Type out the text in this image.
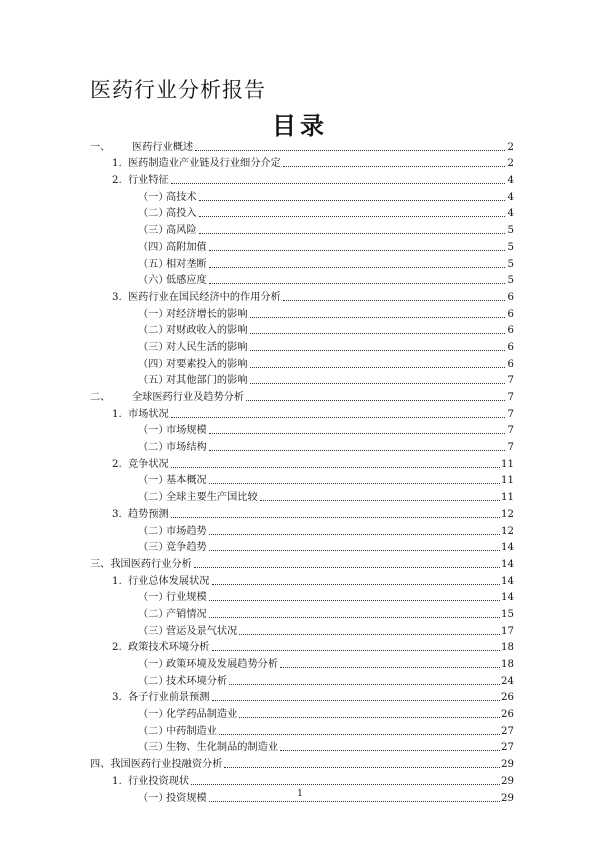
医药行业分析报告
目录
一、 医药行业概述	2
1. 医药制造业产业链及行业细分介定	2
2. 行业特征	4
（一）高技术	4
（二）高投入	4
（三）高风险	5
（四）高附加值	5
（五）相对垄断	5
（六）低感应度	5
3. 医药行业在国民经济中的作用分析	6
（一）对经济增长的影响	6
（二）对财政收入的影响	6
（三）对人民生活的影响	6
（四）对要素投入的影响	6
（五）对其他部门的影响	7
二、 全球医药行业及趋势分析	7
1. 市场状况	7
（一）市场规模	7
（二）市场结构	7
2. 竞争状况	11
（一）基本概况	11
（二）全球主要生产国比较	11
3. 趋势预测	12
（二）市场趋势	12
（三）竞争趋势	14
三、我国医药行业分析	14
1. 行业总体发展状况	14
（一）行业规模	14
（二）产销情况	15
（三）营运及景气状况	17
2. 政策技术环境分析	18
（一）政策环境及发展趋势分析	18
（二）技术环境分析	24
3. 各子行业前景预测	26
（一）化学药品制造业	26
（二）中药制造业	27
（三）生物、生化制品的制造业	27
四、我国医药行业投融资分析	29
1. 行业投资现状	29
（一）投资规模	29
1
